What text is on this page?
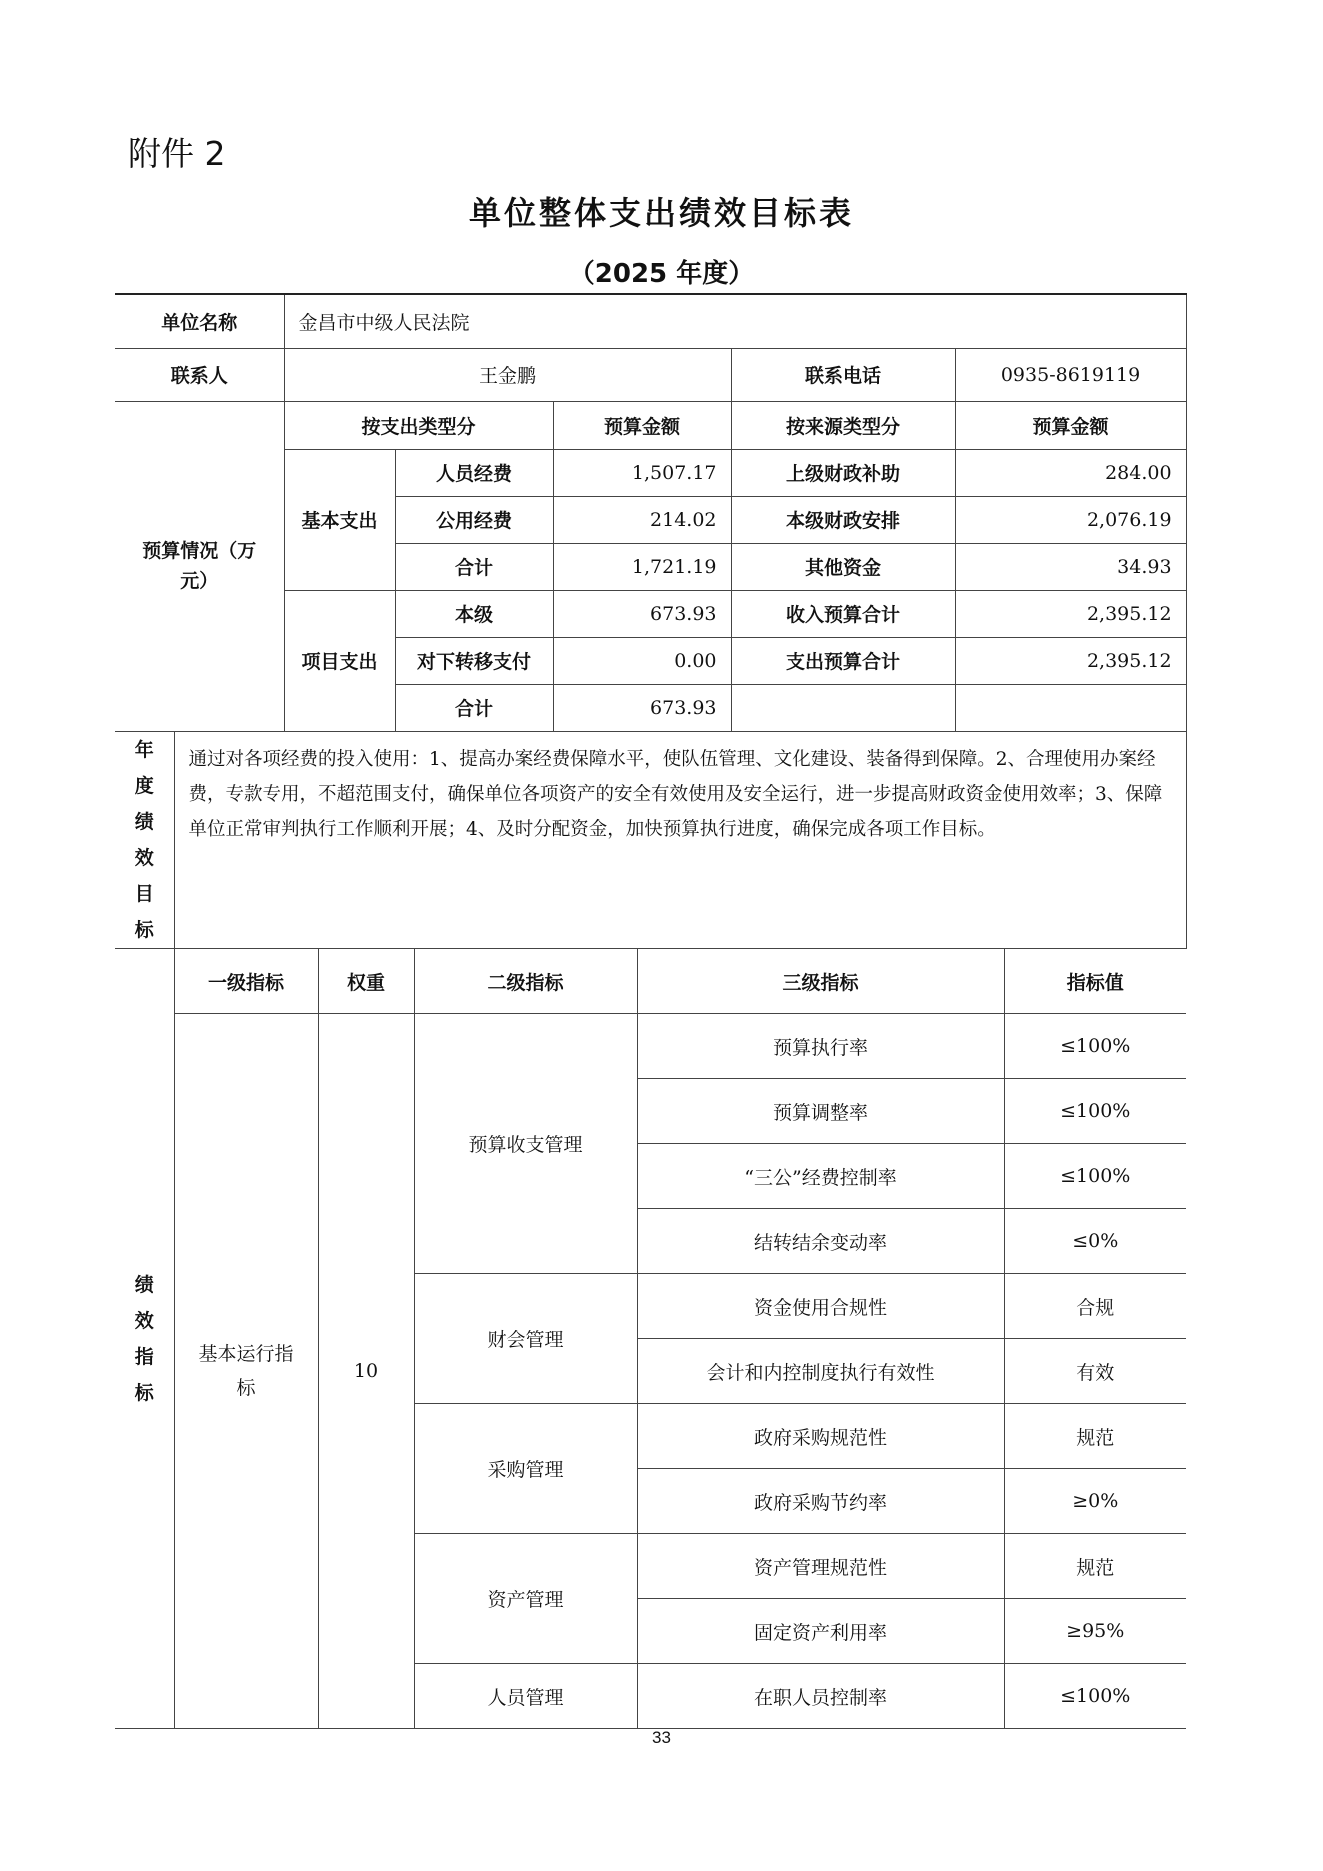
附件 2
单位整体支出绩效目标表
（2025 年度）
单位名称		金昌市中级人民法院				
联系人		王金鹏			联系电话	0935-8619119
预算情况（万元）		按支出类型分		预算金额	按来源类型分	预算金额
		基本支出	人员经费	1,507.17	上级财政补助	284.00
			公用经费	214.02	本级财政安排	2,076.19
			合计	1,721.19	其他资金	34.93
		项目支出	本级	673.93	收入预算合计	2,395.12
			对下转移支付	0.00	支出预算合计	2,395.12
			合计	673.93		
年度绩效目标	通过对各项经费的投入使用：1、提高办案经费保障水平，使队伍管理、文化建设、装备得到保障。2、合理使用办案经费，专款专用，不超范围支付，确保单位各项资产的安全有效使用及安全运行，进一步提高财政资金使用效率；3、保障单位正常审判执行工作顺利开展；4、及时分配资金，加快预算执行进度，确保完成各项工作目标。					
绩效指标	一级指标	权重	二级指标	三级指标	指标值
	基本运行指标	10	预算收支管理	预算执行率	≤100%
				预算调整率	≤100%
				“三公”经费控制率	≤100%
				结转结余变动率	≤0%
			财会管理	资金使用合规性	合规
				会计和内控制度执行有效性	有效
			采购管理	政府采购规范性	规范
				政府采购节约率	≥0%
			资产管理	资产管理规范性	规范
				固定资产利用率	≥95%
			人员管理	在职人员控制率	≤100%
33
